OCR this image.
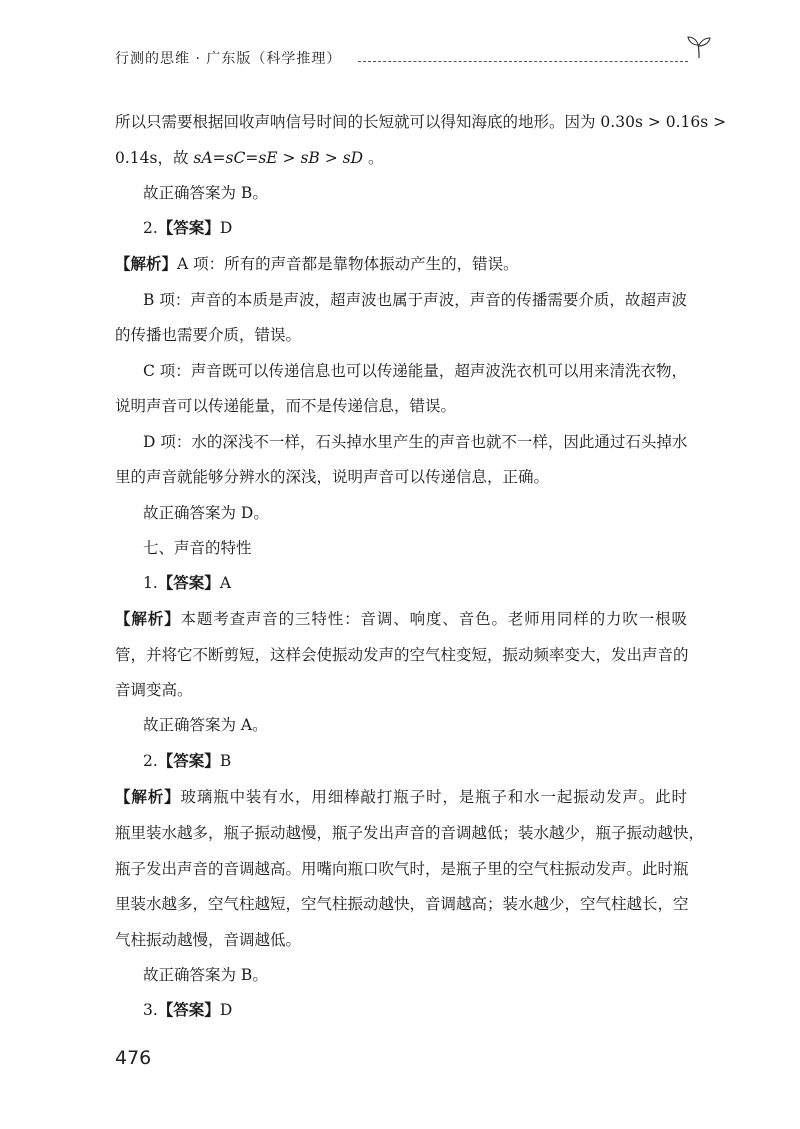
行测的思维 · 广东版（科学推理）
所以只需要根据回收声呐信号时间的长短就可以得知海底的地形。因为 0.30s > 0.16s >
0.14s，故 sA=sC=sE > sB > sD 。
故正确答案为 B。
2.【答案】D
【解析】A 项：所有的声音都是靠物体振动产生的，错误。
B 项：声音的本质是声波，超声波也属于声波，声音的传播需要介质，故超声波
的传播也需要介质，错误。
C 项：声音既可以传递信息也可以传递能量，超声波洗衣机可以用来清洗衣物，
说明声音可以传递能量，而不是传递信息，错误。
D 项：水的深浅不一样，石头掉水里产生的声音也就不一样，因此通过石头掉水
里的声音就能够分辨水的深浅，说明声音可以传递信息，正确。
故正确答案为 D。
七、声音的特性
1.【答案】A
【解析】本题考查声音的三特性：音调、响度、音色。老师用同样的力吹一根吸
管，并将它不断剪短，这样会使振动发声的空气柱变短，振动频率变大，发出声音的
音调变高。
故正确答案为 A。
2.【答案】B
【解析】玻璃瓶中装有水，用细棒敲打瓶子时，是瓶子和水一起振动发声。此时
瓶里装水越多，瓶子振动越慢，瓶子发出声音的音调越低；装水越少，瓶子振动越快，
瓶子发出声音的音调越高。用嘴向瓶口吹气时，是瓶子里的空气柱振动发声。此时瓶
里装水越多，空气柱越短，空气柱振动越快，音调越高；装水越少，空气柱越长，空
气柱振动越慢，音调越低。
故正确答案为 B。
3.【答案】D
476
